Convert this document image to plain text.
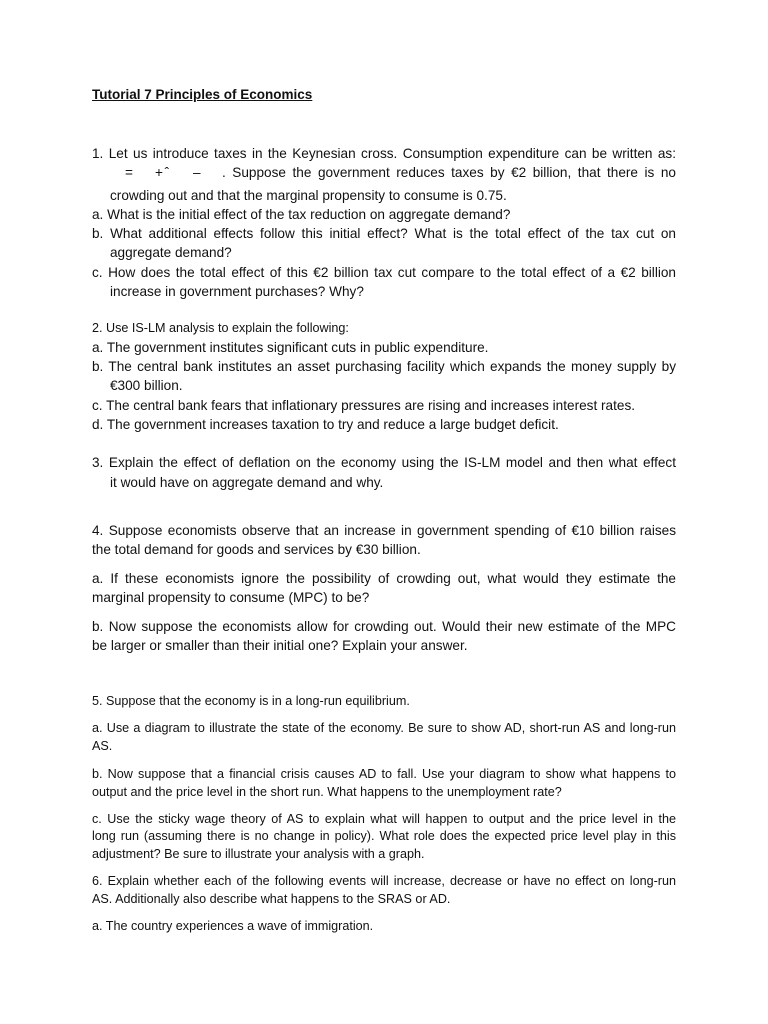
Tutorial 7 Principles of Economics
1. Let us introduce taxes in the Keynesian cross. Consumption expenditure can be written as:
= + ̂ – . Suppose the government reduces taxes by €2 billion, that there is no
crowding out and that the marginal propensity to consume is 0.75.
a. What is the initial effect of the tax reduction on aggregate demand?
b. What additional effects follow this initial effect? What is the total effect of the tax cut on
aggregate demand?
c. How does the total effect of this €2 billion tax cut compare to the total effect of a €2 billion
increase in government purchases? Why?
2. Use IS-LM analysis to explain the following:
a. The government institutes significant cuts in public expenditure.
b. The central bank institutes an asset purchasing facility which expands the money supply by
€300 billion.
c. The central bank fears that inflationary pressures are rising and increases interest rates.
d. The government increases taxation to try and reduce a large budget deficit.
3. Explain the effect of deflation on the economy using the IS-LM model and then what effect
it would have on aggregate demand and why.
4. Suppose economists observe that an increase in government spending of €10 billion raises
the total demand for goods and services by €30 billion.
a. If these economists ignore the possibility of crowding out, what would they estimate the
marginal propensity to consume (MPC) to be?
b. Now suppose the economists allow for crowding out. Would their new estimate of the MPC
be larger or smaller than their initial one? Explain your answer.
5. Suppose that the economy is in a long-run equilibrium.
a. Use a diagram to illustrate the state of the economy. Be sure to show AD, short-run AS and long-run
AS.
b. Now suppose that a financial crisis causes AD to fall. Use your diagram to show what happens to
output and the price level in the short run. What happens to the unemployment rate?
c. Use the sticky wage theory of AS to explain what will happen to output and the price level in the
long run (assuming there is no change in policy). What role does the expected price level play in this
adjustment? Be sure to illustrate your analysis with a graph.
6. Explain whether each of the following events will increase, decrease or have no effect on long-run
AS. Additionally also describe what happens to the SRAS or AD.
a. The country experiences a wave of immigration.
